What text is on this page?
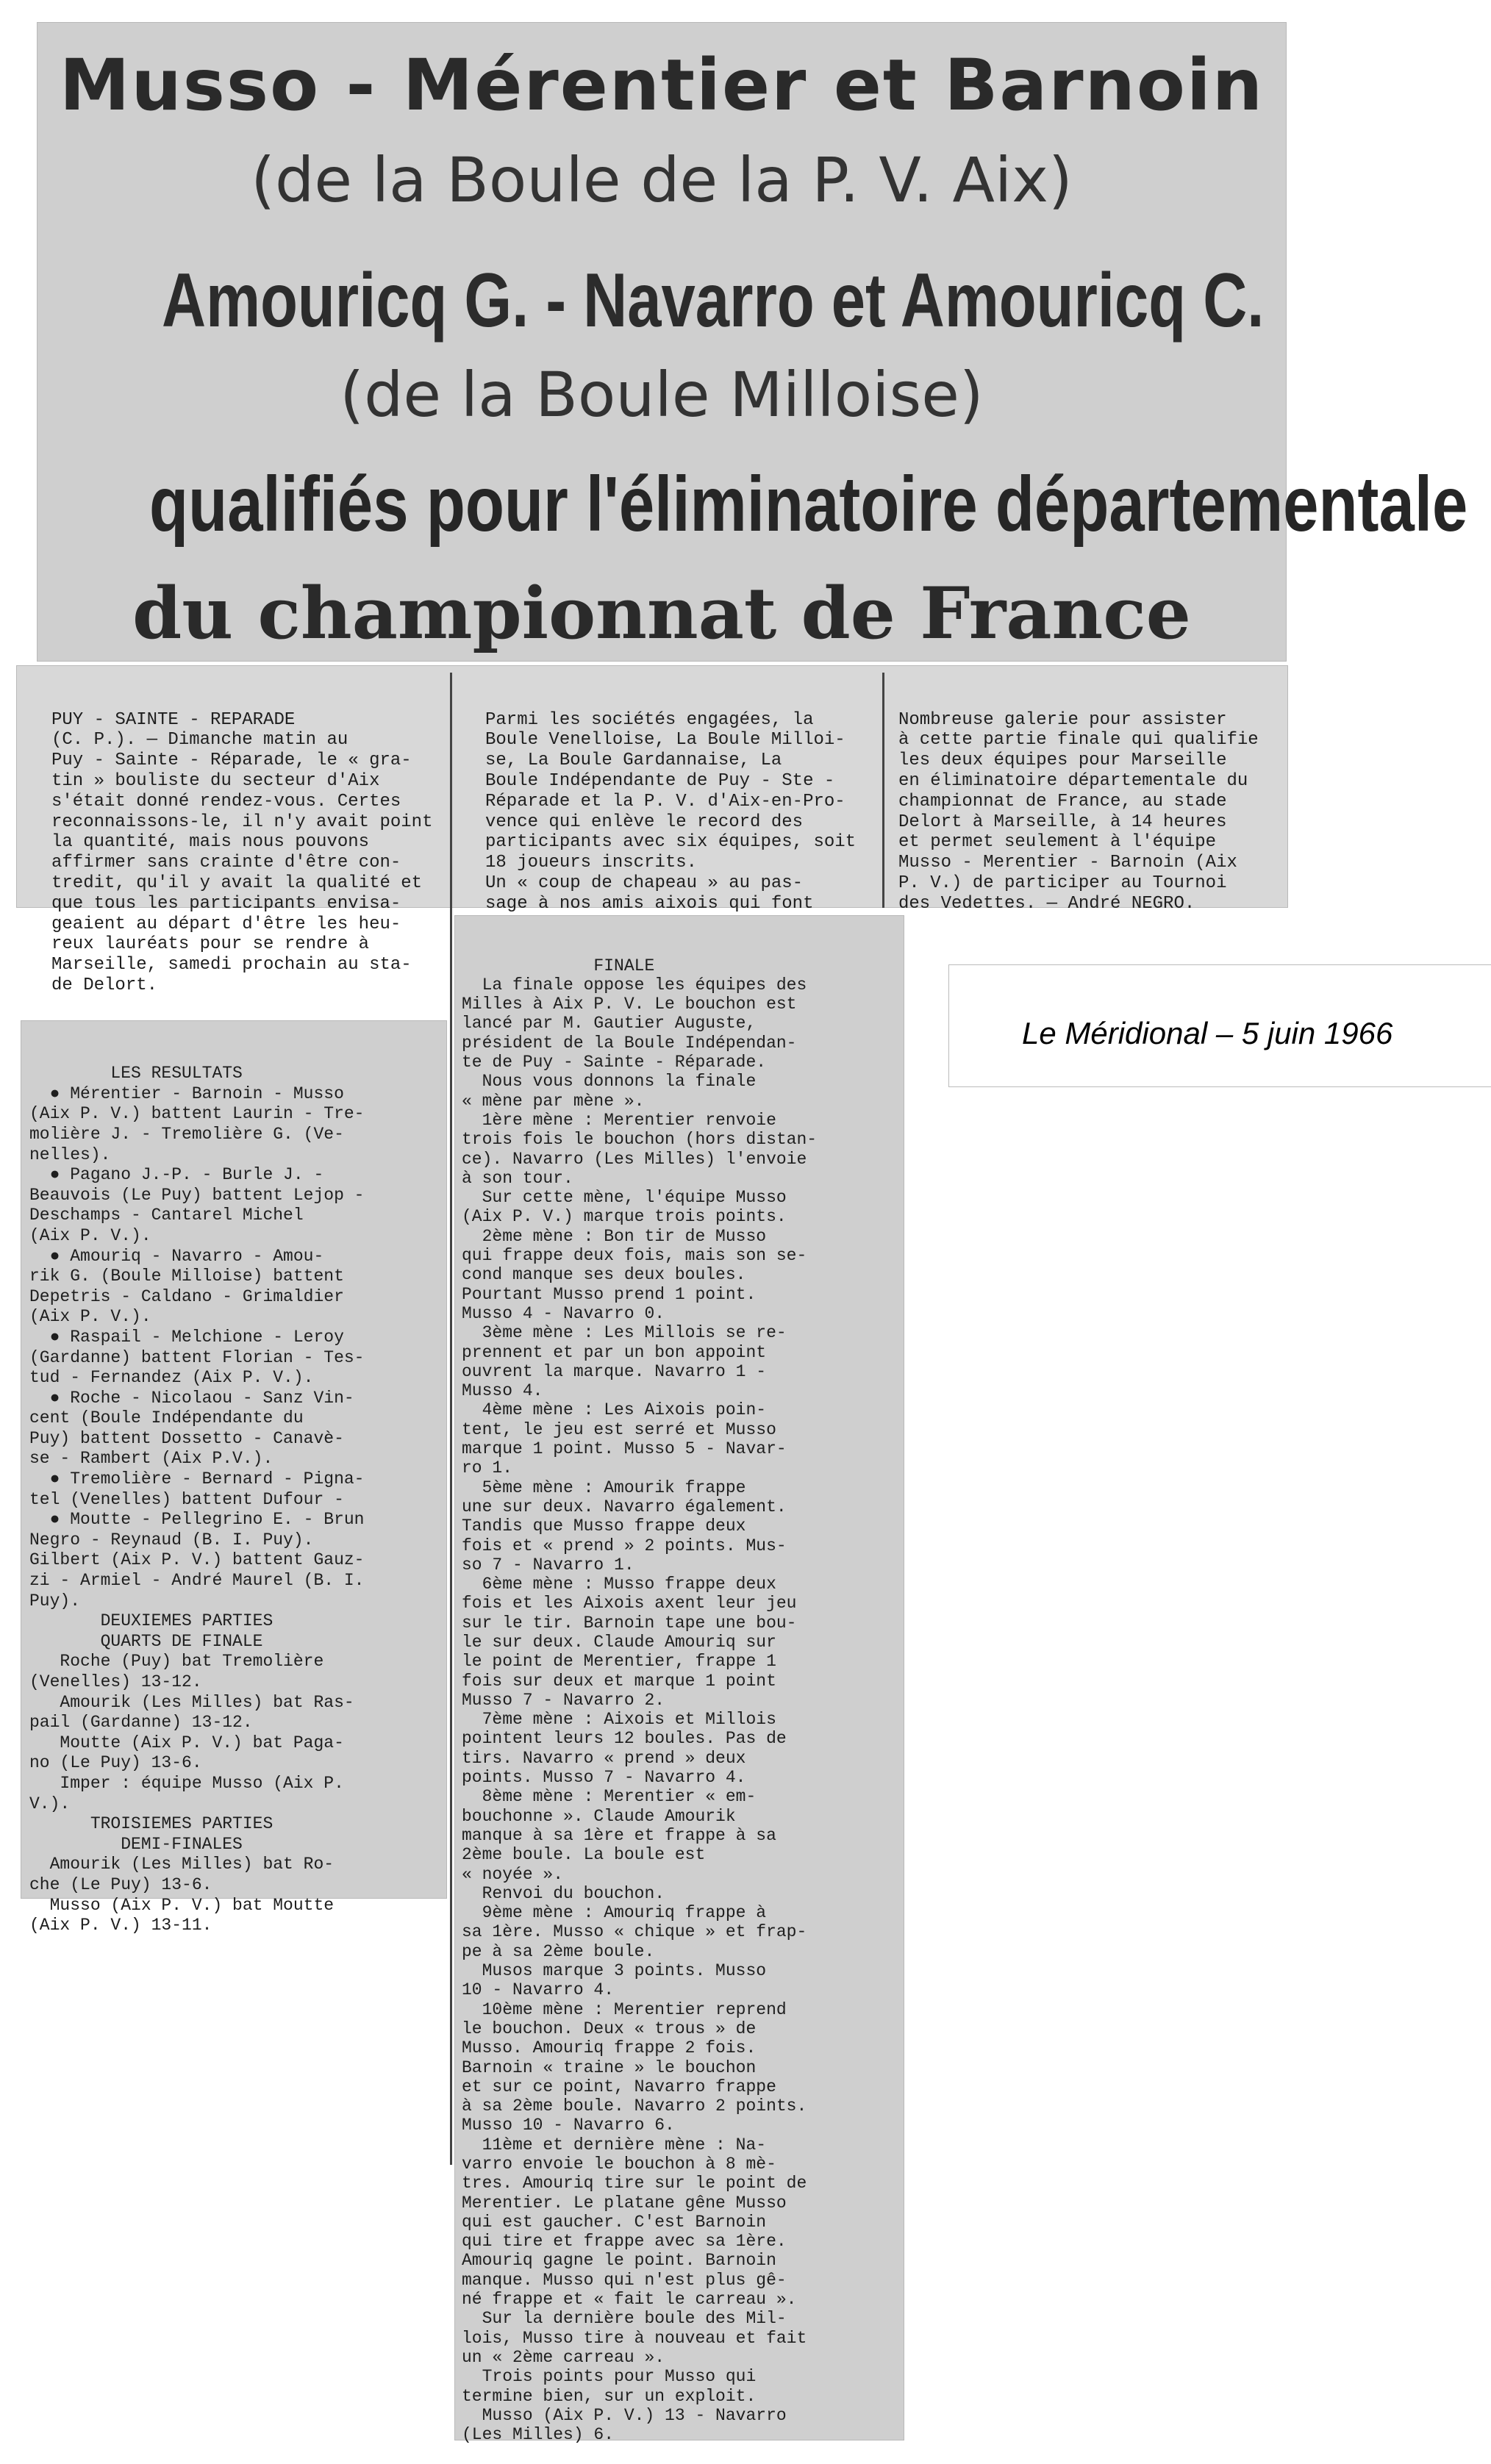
Musso - Mérentier et Barnoin
(de la Boule de la P. V. Aix)
Amouricq G. - Navarro et Amouricq C.
(de la Boule Milloise)
qualifiés pour l'éliminatoire départementale
du championnat de France

PUY - SAINTE - REPARADE
(C. P.). — Dimanche matin au
Puy - Sainte - Réparade, le « gra-
tin » bouliste du secteur d'Aix
s'était donné rendez-vous. Certes
reconnaissons-le, il n'y avait point
la quantité, mais nous pouvons
affirmer sans crainte d'être con-
tredit, qu'il y avait la qualité et
que tous les participants envisa-
geaient au départ d'être les heu-
reux lauréats pour se rendre à
Marseille, samedi prochain au sta-
de Delort.

Parmi les sociétés engagées, la
Boule Venelloise, La Boule Milloi-
se, La Boule Gardannaise, La
Boule Indépendante de Puy - Ste -
Réparade et la P. V. d'Aix-en-Pro-
vence qui enlève le record des
participants avec six équipes, soit
18 joueurs inscrits.
Un « coup de chapeau » au pas-
sage à nos amis aixois qui font

Nombreuse galerie pour assister
à cette partie finale qui qualifie
les deux équipes pour Marseille
en éliminatoire départementale du
championnat de France, au stade
Delort à Marseille, à 14 heures
et permet seulement à l'équipe
Musso - Merentier - Barnoin (Aix
P. V.) de participer au Tournoi
des Vedettes. — André NEGRO.

LES RESULTATS
● Mérentier - Barnoin - Musso
(Aix P. V.) battent Laurin - Tre-
molière J. - Tremolière G. (Ve-
nelles).
● Pagano J.-P. - Burle J. -
Beauvois (Le Puy) battent Lejop -
Deschamps - Cantarel Michel
(Aix P. V.).
● Amouriq - Navarro - Amou-
rik G. (Boule Milloise) battent
Depetris - Caldano - Grimaldier
(Aix P. V.).
● Raspail - Melchione - Leroy
(Gardanne) battent Florian - Tes-
tud - Fernandez (Aix P. V.).
● Roche - Nicolaou - Sanz Vin-
cent (Boule Indépendante du
Puy) battent Dossetto - Canavè-
se - Rambert (Aix P.V.).
● Tremolière - Bernard - Pigna-
tel (Venelles) battent Dufour -
● Moutte - Pellegrino E. - Brun
Negro - Reynaud (B. I. Puy).
Gilbert (Aix P. V.) battent Gauz-
zi - Armiel - André Maurel (B. I.
Puy).
DEUXIEMES PARTIES
QUARTS DE FINALE
Roche (Puy) bat Tremolière
(Venelles) 13-12.
Amourik (Les Milles) bat Ras-
pail (Gardanne) 13-12.
Moutte (Aix P. V.) bat Paga-
no (Le Puy) 13-6.
Imper : équipe Musso (Aix P.
V.).
TROISIEMES PARTIES
DEMI-FINALES
Amourik (Les Milles) bat Ro-
che (Le Puy) 13-6.
Musso (Aix P. V.) bat Moutte
(Aix P. V.) 13-11.

FINALE
La finale oppose les équipes des
Milles à Aix P. V. Le bouchon est
lancé par M. Gautier Auguste,
président de la Boule Indépendan-
te de Puy - Sainte - Réparade.
Nous vous donnons la finale
« mène par mène ».
1ère mène : Merentier renvoie
trois fois le bouchon (hors distan-
ce). Navarro (Les Milles) l'envoie
à son tour.
Sur cette mène, l'équipe Musso
(Aix P. V.) marque trois points.
2ème mène : Bon tir de Musso
qui frappe deux fois, mais son se-
cond manque ses deux boules.
Pourtant Musso prend 1 point.
Musso 4 - Navarro 0.
3ème mène : Les Millois se re-
prennent et par un bon appoint
ouvrent la marque. Navarro 1 -
Musso 4.
4ème mène : Les Aixois poin-
tent, le jeu est serré et Musso
marque 1 point. Musso 5 - Navar-
ro 1.
5ème mène : Amourik frappe
une sur deux. Navarro également.
Tandis que Musso frappe deux
fois et « prend » 2 points. Mus-
so 7 - Navarro 1.
6ème mène : Musso frappe deux
fois et les Aixois axent leur jeu
sur le tir. Barnoin tape une bou-
le sur deux. Claude Amouriq sur
le point de Merentier, frappe 1
fois sur deux et marque 1 point
Musso 7 - Navarro 2.
7ème mène : Aixois et Millois
pointent leurs 12 boules. Pas de
tirs. Navarro « prend » deux
points. Musso 7 - Navarro 4.
8ème mène : Merentier « em-
bouchonne ». Claude Amourik
manque à sa 1ère et frappe à sa
2ème boule. La boule est
« noyée ».
Renvoi du bouchon.
9ème mène : Amouriq frappe à
sa 1ère. Musso « chique » et frap-
pe à sa 2ème boule.
Musos marque 3 points. Musso
10 - Navarro 4.
10ème mène : Merentier reprend
le bouchon. Deux « trous » de
Musso. Amouriq frappe 2 fois.
Barnoin « traine » le bouchon
et sur ce point, Navarro frappe
à sa 2ème boule. Navarro 2 points.
Musso 10 - Navarro 6.
11ème et dernière mène : Na-
varro envoie le bouchon à 8 mè-
tres. Amouriq tire sur le point de
Merentier. Le platane gêne Musso
qui est gaucher. C'est Barnoin
qui tire et frappe avec sa 1ère.
Amouriq gagne le point. Barnoin
manque. Musso qui n'est plus gê-
né frappe et « fait le carreau ».
Sur la dernière boule des Mil-
lois, Musso tire à nouveau et fait
un « 2ème carreau ».
Trois points pour Musso qui
termine bien, sur un exploit.
Musso (Aix P. V.) 13 - Navarro
(Les Milles) 6.

Le Méridional – 5 juin 1966
